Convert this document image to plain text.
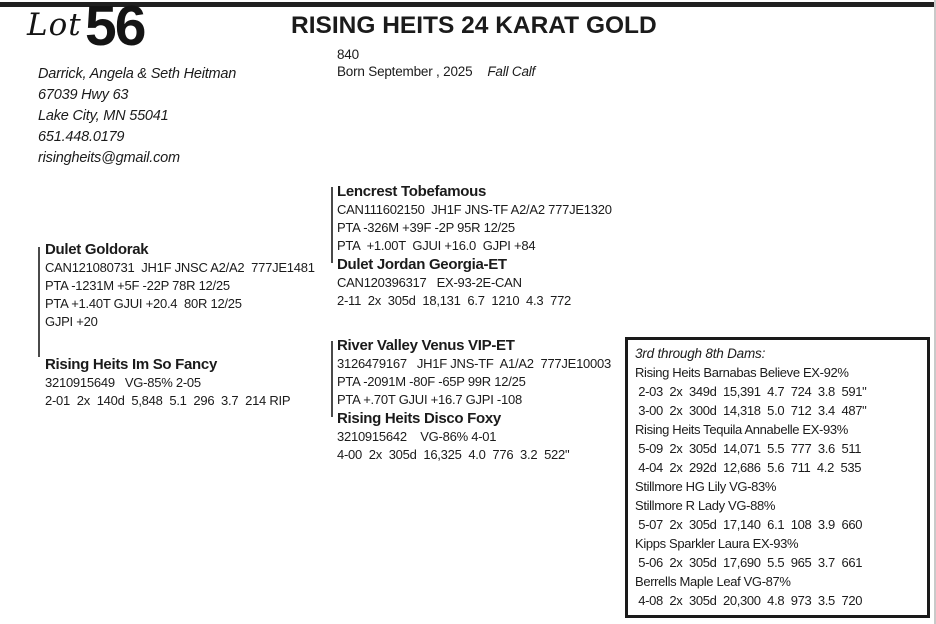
Lot 56
Darrick, Angela & Seth Heitman
67039 Hwy 63
Lake City, MN 55041
651.448.0179
risingheits@gmail.com
RISING HEITS 24 KARAT GOLD
840
Born September , 2025 Fall Calf
Lencrest Tobefamous
CAN111602150  JH1F JNS-TF A2/A2 777JE1320
PTA -326M +39F -2P 95R 12/25
PTA  +1.00T  GJUI +16.0  GJPI +84
Dulet Jordan Georgia-ET
CAN120396317   EX-93-2E-CAN
2-11  2x  305d  18,131  6.7  1210  4.3  772
Dulet Goldorak
CAN121080731  JH1F JNSC A2/A2  777JE1481
PTA -1231M +5F -22P 78R 12/25
PTA +1.40T GJUI +20.4  80R 12/25
GJPI +20
River Valley Venus VIP-ET
3126479167   JH1F JNS-TF  A1/A2  777JE10003
PTA -2091M -80F -65P 99R 12/25
PTA +.70T GJUI +16.7 GJPI -108
Rising Heits Disco Foxy
3210915642    VG-86% 4-01
4-00  2x  305d  16,325  4.0  776  3.2  522"
Rising Heits Im So Fancy
3210915649   VG-85% 2-05
2-01  2x  140d  5,848  5.1  296  3.7  214 RIP
3rd through 8th Dams:
Rising Heits Barnabas Believe EX-92%
2-03  2x  349d  15,391  4.7  724  3.8  591"
3-00  2x  300d  14,318  5.0  712  3.4  487"
Rising Heits Tequila Annabelle EX-93%
5-09  2x  305d  14,071  5.5  777  3.6  511
4-04  2x  292d  12,686  5.6  711  4.2  535
Stillmore HG Lily VG-83%
Stillmore R Lady VG-88%
5-07  2x  305d  17,140  6.1  108  3.9  660
Kipps Sparkler Laura EX-93%
5-06  2x  305d  17,690  5.5  965  3.7  661
Berrells Maple Leaf VG-87%
4-08  2x  305d  20,300  4.8  973  3.5  720
